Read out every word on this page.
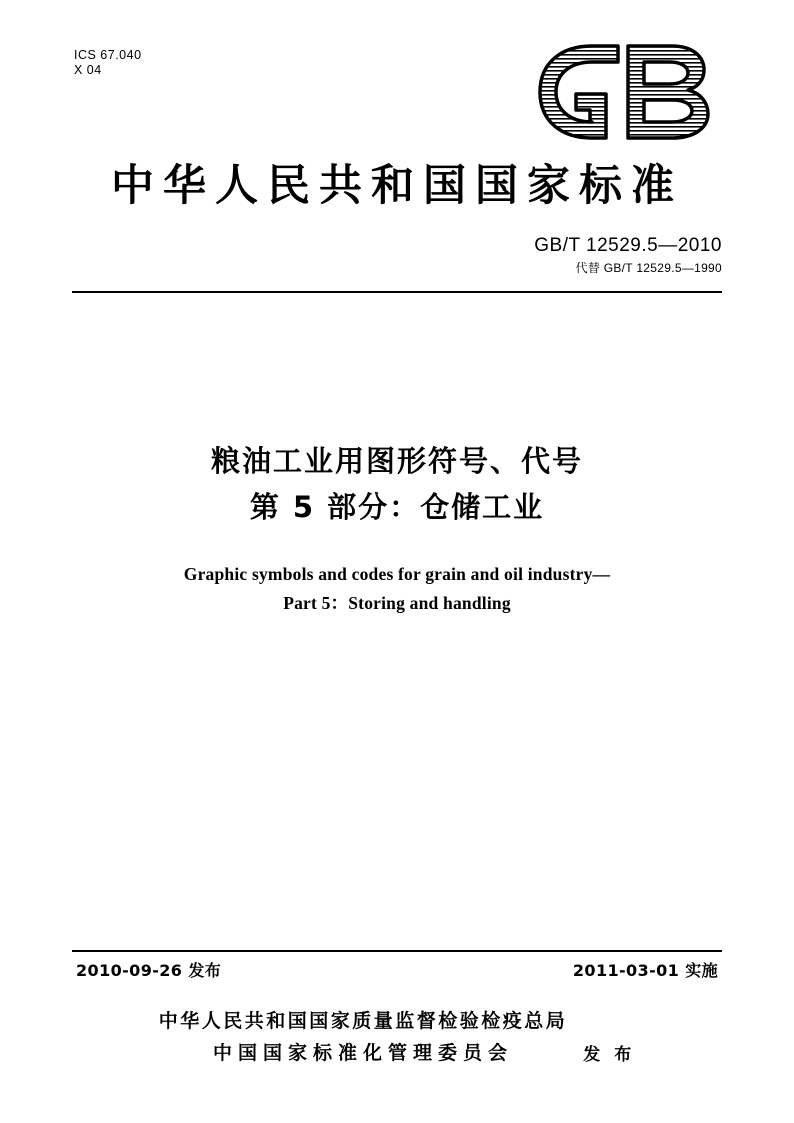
ICS 67.040
X 04
中华人民共和国国家标准
GB/T 12529.5—2010
代替 GB/T 12529.5—1990
粮油工业用图形符号、代号
第 5 部分：仓储工业
Graphic symbols and codes for grain and oil industry—
Part 5：Storing and handling
2010-09-26 发布	2011-03-01 实施
中华人民共和国国家质量监督检验检疫总局
中国国家标准化管理委员会	发 布
